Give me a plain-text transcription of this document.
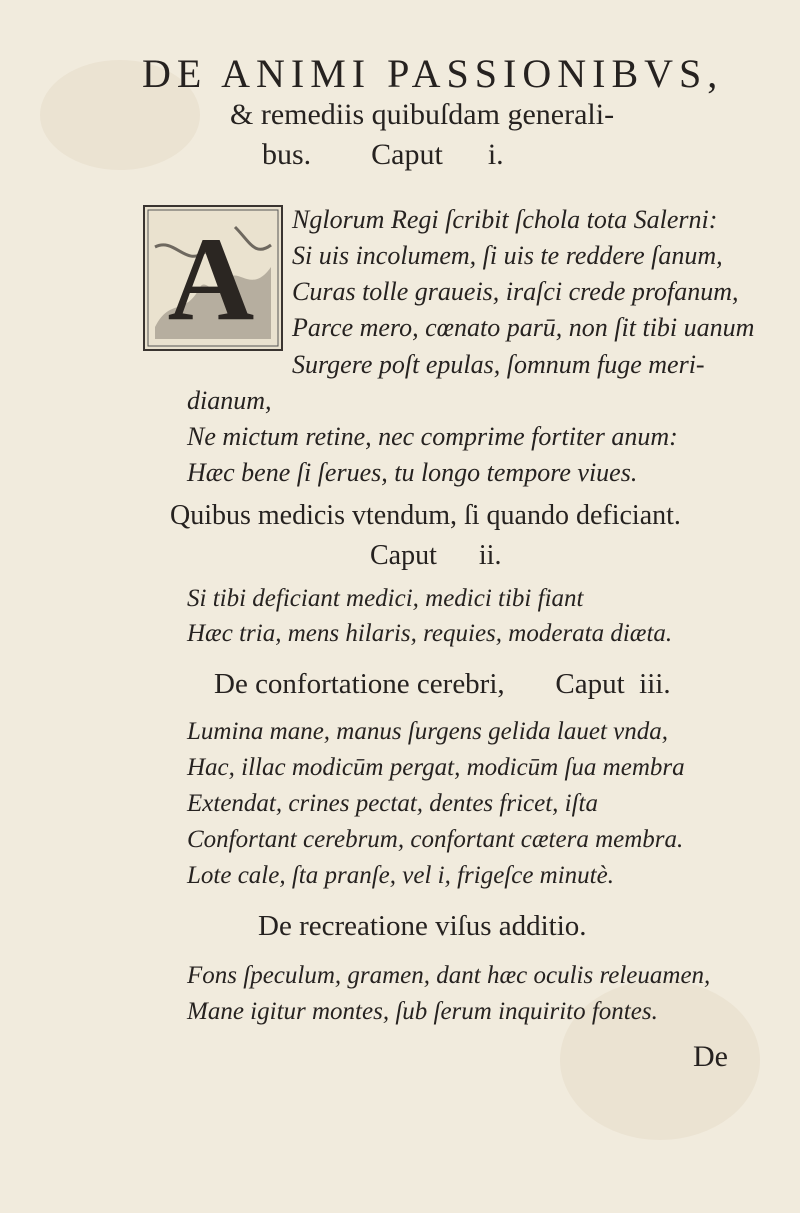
DE ANIMI PASSIONIBVS,
& remediis quibuſdam generali-
bus.        Caput      i.
A Nglorum Regi ſcribit ſchola tota Salerni:
Si uis incolumem, ſi uis te reddere ſanum,
Curas tolle graueis, iraſci crede profanum,
Parce mero, cœnato parū, non ſit tibi uanum
Surgere poſt epulas, ſomnum fuge meri-
dianum,
Ne mictum retine, nec comprime fortiter anum:
Hæc bene ſi ſerues, tu longo tempore viues.
Quibus medicis vtendum, ſi quando deficiant.
Caput      ii.
Si tibi deficiant medici, medici tibi fiant
Hæc tria, mens hilaris, requies, moderata diæta.
De confortatione cerebri,       Caput  iii.
Lumina mane, manus ſurgens gelida lauet vnda,
Hac, illac modicūm pergat, modicūm ſua membra
Extendat, crines pectat, dentes fricet, iſta
Confortant cerebrum, confortant cætera membra.
Lote cale, ſta pranſe, vel i, frigeſce minutè.
De recreatione viſus additio.
Fons ſpeculum, gramen, dant hæc oculis releuamen,
Mane igitur montes, ſub ſerum inquirito fontes.
De
